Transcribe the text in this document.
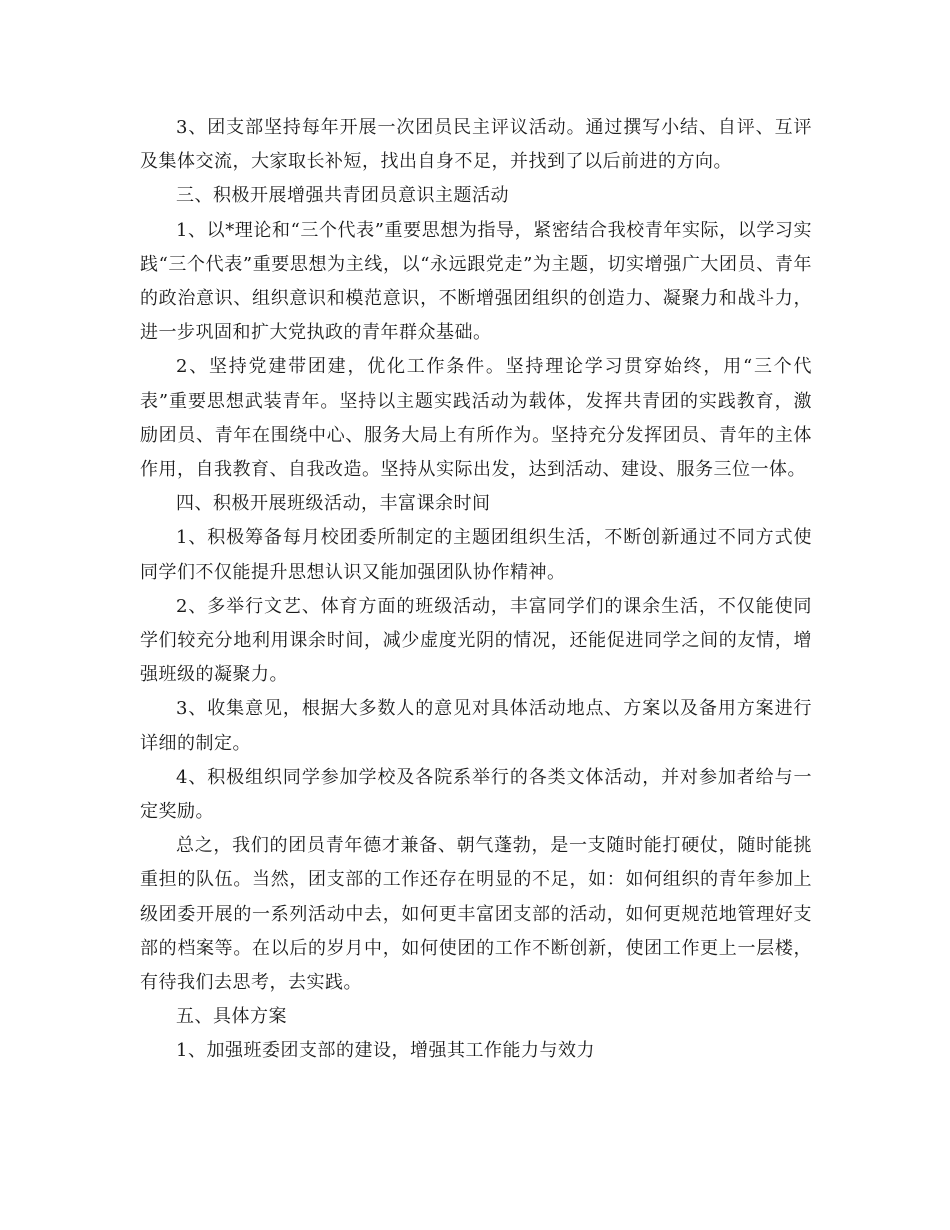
3、团支部坚持每年开展一次团员民主评议活动。通过撰写小结、自评、互评及集体交流，大家取长补短，找出自身不足，并找到了以后前进的方向。

三、积极开展增强共青团员意识主题活动

1、以*理论和“三个代表”重要思想为指导，紧密结合我校青年实际，以学习实践“三个代表”重要思想为主线，以“永远跟党走”为主题，切实增强广大团员、青年的政治意识、组织意识和模范意识，不断增强团组织的创造力、凝聚力和战斗力，进一步巩固和扩大党执政的青年群众基础。

2、坚持党建带团建，优化工作条件。坚持理论学习贯穿始终，用“三个代表”重要思想武装青年。坚持以主题实践活动为载体，发挥共青团的实践教育，激励团员、青年在围绕中心、服务大局上有所作为。坚持充分发挥团员、青年的主体作用，自我教育、自我改造。坚持从实际出发，达到活动、建设、服务三位一体。

四、积极开展班级活动，丰富课余时间

1、积极筹备每月校团委所制定的主题团组织生活，不断创新通过不同方式使同学们不仅能提升思想认识又能加强团队协作精神。

2、多举行文艺、体育方面的班级活动，丰富同学们的课余生活，不仅能使同学们较充分地利用课余时间，减少虚度光阴的情况，还能促进同学之间的友情，增强班级的凝聚力。

3、收集意见，根据大多数人的意见对具体活动地点、方案以及备用方案进行详细的制定。

4、积极组织同学参加学校及各院系举行的各类文体活动，并对参加者给与一定奖励。

总之，我们的团员青年德才兼备、朝气蓬勃，是一支随时能打硬仗，随时能挑重担的队伍。当然，团支部的工作还存在明显的不足，如：如何组织的青年参加上级团委开展的一系列活动中去，如何更丰富团支部的活动，如何更规范地管理好支部的档案等。在以后的岁月中，如何使团的工作不断创新，使团工作更上一层楼，有待我们去思考，去实践。

五、具体方案

1、加强班委团支部的建设，增强其工作能力与效力
